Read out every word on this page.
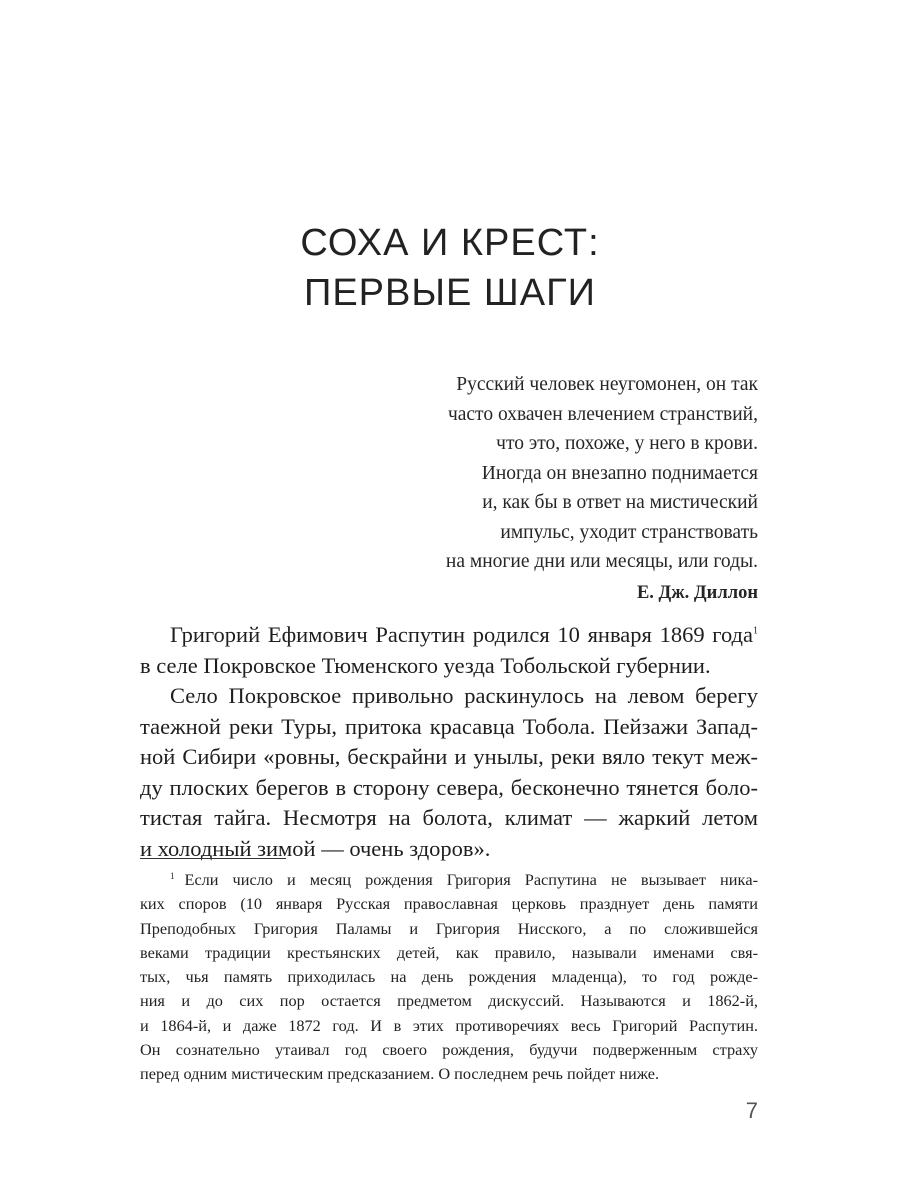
СОХА И КРЕСТ:
ПЕРВЫЕ ШАГИ
Русский человек неугомонен, он так
часто охвачен влечением странствий,
что это, похоже, у него в крови.
Иногда он внезапно поднимается
и, как бы в ответ на мистический
импульс, уходит странствовать
на многие дни или месяцы, или годы.
Е. Дж. Диллон
Григорий Ефимович Распутин родился 10 января 1869 года$^1$
в селе Покровское Тюменского уезда Тобольской губернии.
Село Покровское привольно раскинулось на левом берегу
таежной реки Туры, притока красавца Тобола. Пейзажи Запад-
ной Сибири «ровны, бескрайни и унылы, реки вяло текут меж-
ду плоских берегов в сторону севера, бесконечно тянется боло-
тистая тайга. Несмотря на болота, климат — жаркий летом
и холодный зимой — очень здоров».
$^1$ Если число и месяц рождения Григория Распутина не вызывает никa-
ких споров (10 января Русская православная церковь празднует день памяти
Преподобных Григория Паламы и Григория Нисского, а по сложившейся
веками традиции крестьянских детей, как правило, называли именами свя-
тых, чья память приходилась на день рождения младенца), то год рожде-
ния и до сих пор остается предметом дискуссий. Называются и 1862-й,
и 1864-й, и даже 1872 год. И в этих противоречиях весь Григорий Распутин.
Он сознательно утаивал год своего рождения, будучи подверженным страху
перед одним мистическим предсказанием. О последнем речь пойдет ниже.
7
